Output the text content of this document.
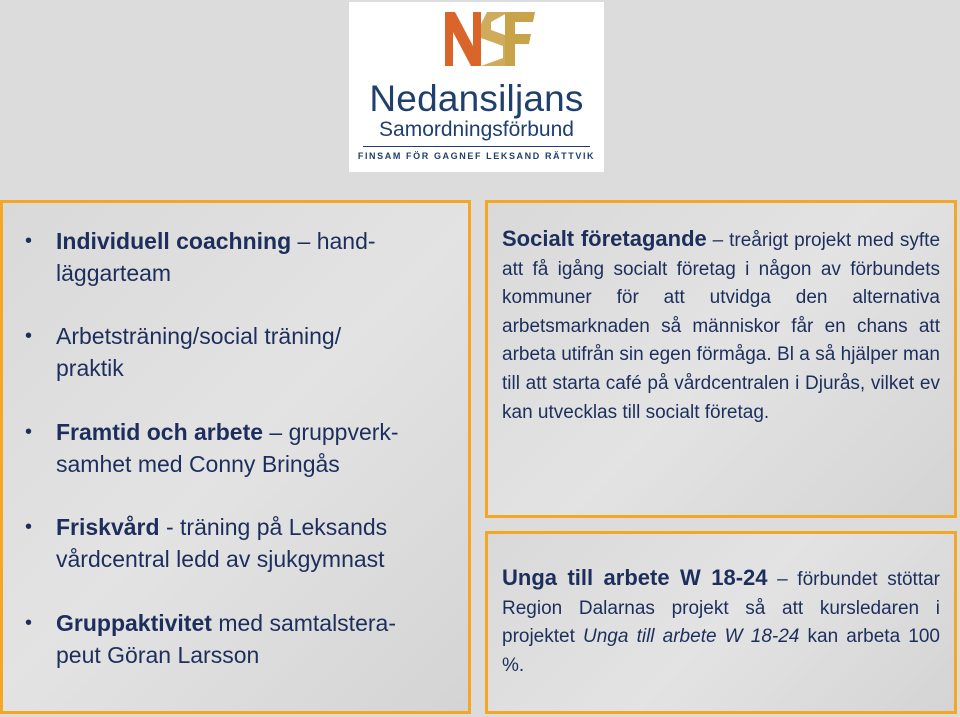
Nedansiljans
Samordningsförbund
FINSAM FÖR GAGNEF LEKSAND RÄTTVIK
• Individuell coachning – hand-
läggarteam
• Arbetsträning/social träning/
praktik
• Framtid och arbete – gruppverk-
samhet med Conny Bringås
• Friskvård - träning på Leksands
vårdcentral ledd av sjukgymnast
• Gruppaktivitet med samtalstera-
peut Göran Larsson
Socialt företagande – treårigt projekt med syfte att få igång socialt företag i någon av förbundets kommuner för att utvidga den alternativa arbetsmarknaden så människor får en chans att arbeta utifrån sin egen förmåga. Bl a så hjälper man till att starta café på vårdcentralen i Djurås, vilket ev kan utvecklas till socialt företag.
Unga till arbete W 18-24 – förbundet stöttar Region Dalarnas projekt så att kursledaren i projektet Unga till arbete W 18-24 kan arbeta 100 %.
